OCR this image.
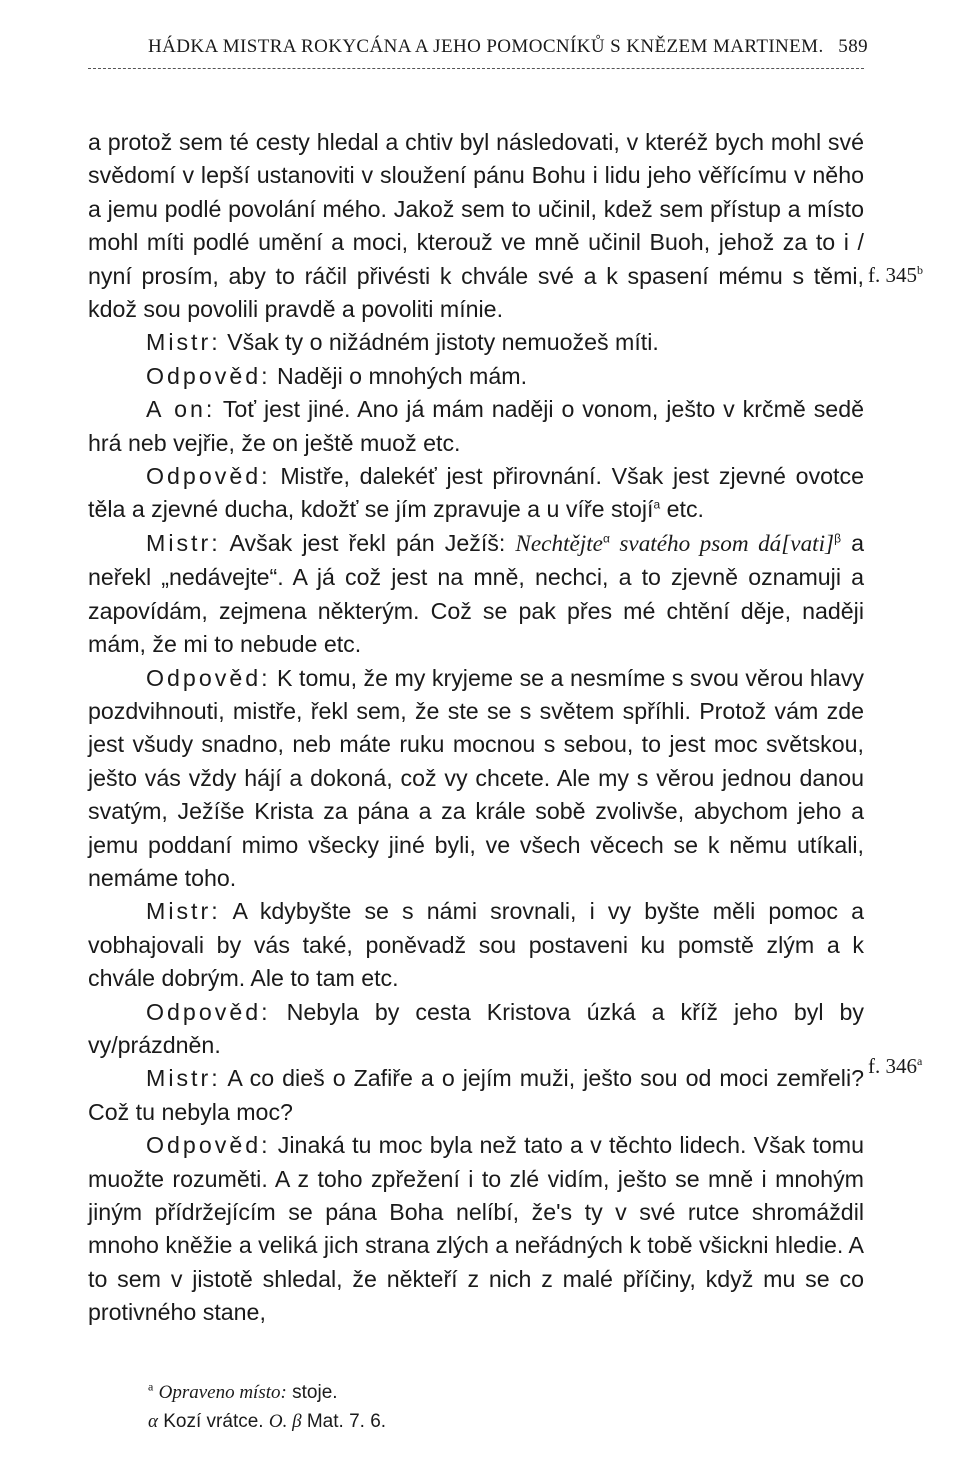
HÁDKA MISTRA ROKYCÁNA A JEHO POMOCNÍKŮ S KNĚZEM MARTINEM. 589
f. 345$^b$
f. 346$^a$

a protož sem té cesty hledal a chtiv byl následovati, v kteréž bych mohl své svědomí v lepší ustanoviti v sloužení pánu Bohu i lidu jeho věřícímu v něho a jemu podlé povolání mého. Jakož sem to učinil, kdež sem přístup a místo mohl míti podlé umění a moci, kterouž ve mně učinil Buoh, jehož za to i / nyní prosím, aby to ráčil přivésti k chvále své a k spasení mému s těmi, kdož sou povolili pravdě a povoliti mínie.

Mistr: Však ty o nižádném jistoty nemuožeš míti.

Odpověd: Naději o mnohých mám.

A on: Toť jest jiné. Ano já mám naději o vonom, ješto v krčmě sedě hrá neb vejřie, že on ještě muož etc.

Odpověd: Mistře, dalekéť jest přirovnání. Však jest zjevné ovotce těla a zjevné ducha, kdožť se jím zpravuje a u víře stojí$^a$ etc.

Mistr: Avšak jest řekl pán Ježíš: Nechtějte$^\alpha$ svatého psom dá[vati]$^\beta$ a neřekl „nedávejte“. A já což jest na mně, nechci, a to zjevně oznamuji a zapovídám, zejmena některým. Což se pak přes mé chtění děje, naději mám, že mi to nebude etc.

Odpověd: K tomu, že my kryjeme se a nesmíme s svou věrou hlavy pozdvihnouti, mistře, řekl sem, že ste se s světem spříhli. Protož vám zde jest všudy snadno, neb máte ruku mocnou s sebou, to jest moc světskou, ješto vás vždy hájí a dokoná, což vy chcete. Ale my s věrou jednou danou svatým, Ježíše Krista za pána a za krále sobě zvolivše, abychom jeho a jemu poddaní mimo všecky jiné byli, ve všech věcech se k němu utíkali, nemáme toho.

Mistr: A kdybyšte se s námi srovnali, i vy byšte měli pomoc a vobhajovali by vás také, poněvadž sou postaveni ku pomstě zlým a k chvále dobrým. Ale to tam etc.

Odpověd: Nebyla by cesta Kristova úzká a kříž jeho byl by vy/prázdněn.

Mistr: A co dieš o Zafiře a o jejím muži, ješto sou od moci zemřeli? Což tu nebyla moc?

Odpověd: Jinaká tu moc byla než tato a v těchto lidech. Však tomu muožte rozuměti. A z toho zpřežení i to zlé vidím, ješto se mně i mnohým jiným přídržejícím se pána Boha nelíbí, že's ty v své rutce shromáždil mnoho kněžie a veliká jich strana zlých a neřádných k tobě všicknі hledie. A to sem v jistotě shledal, že někteří z nich z malé příčiny, když mu se co protivného stane,

$^a$ Opraveno místo: stoje.
α Kozí vrátce. O. β Mat. 7. 6.
